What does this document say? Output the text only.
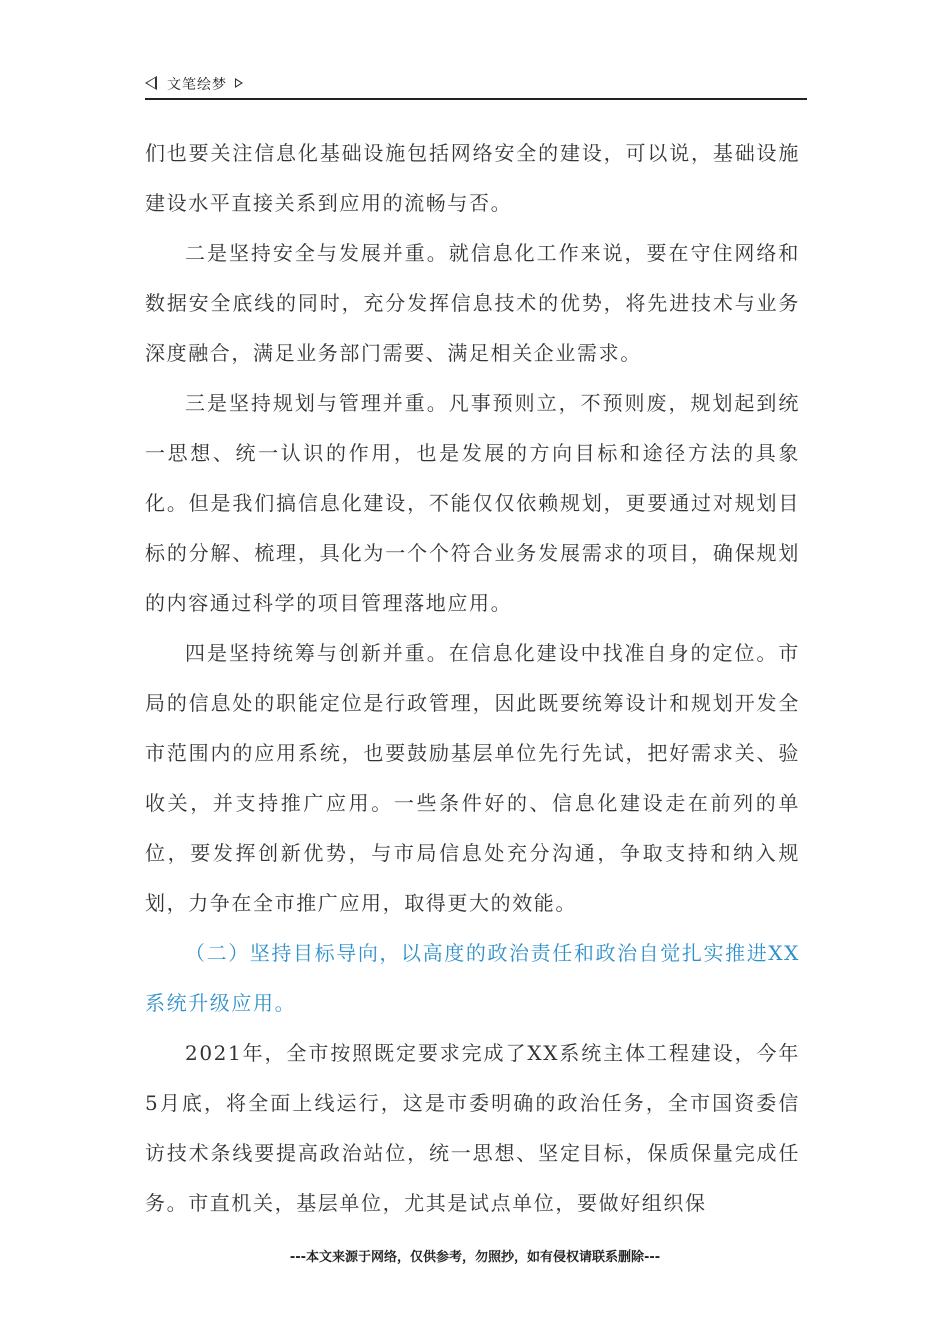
文笔绘梦

们也要关注信息化基础设施包括网络安全的建设，可以说，基础设施建设水平直接关系到应用的流畅与否。

二是坚持安全与发展并重。就信息化工作来说，要在守住网络和数据安全底线的同时，充分发挥信息技术的优势，将先进技术与业务深度融合，满足业务部门需要、满足相关企业需求。

三是坚持规划与管理并重。凡事预则立，不预则废，规划起到统一思想、统一认识的作用，也是发展的方向目标和途径方法的具象化。但是我们搞信息化建设，不能仅仅依赖规划，更要通过对规划目标的分解、梳理，具化为一个个符合业务发展需求的项目，确保规划的内容通过科学的项目管理落地应用。

四是坚持统筹与创新并重。在信息化建设中找准自身的定位。市局的信息处的职能定位是行政管理，因此既要统筹设计和规划开发全市范围内的应用系统，也要鼓励基层单位先行先试，把好需求关、验收关，并支持推广应用。一些条件好的、信息化建设走在前列的单位，要发挥创新优势，与市局信息处充分沟通，争取支持和纳入规划，力争在全市推广应用，取得更大的效能。

（二）坚持目标导向，以高度的政治责任和政治自觉扎实推进XX系统升级应用。

2021年，全市按照既定要求完成了XX系统主体工程建设，今年5月底，将全面上线运行，这是市委明确的政治任务，全市国资委信访技术条线要提高政治站位，统一思想、坚定目标，保质保量完成任务。市直机关，基层单位，尤其是试点单位，要做好组织保

---本文来源于网络，仅供参考，勿照抄，如有侵权请联系删除---
